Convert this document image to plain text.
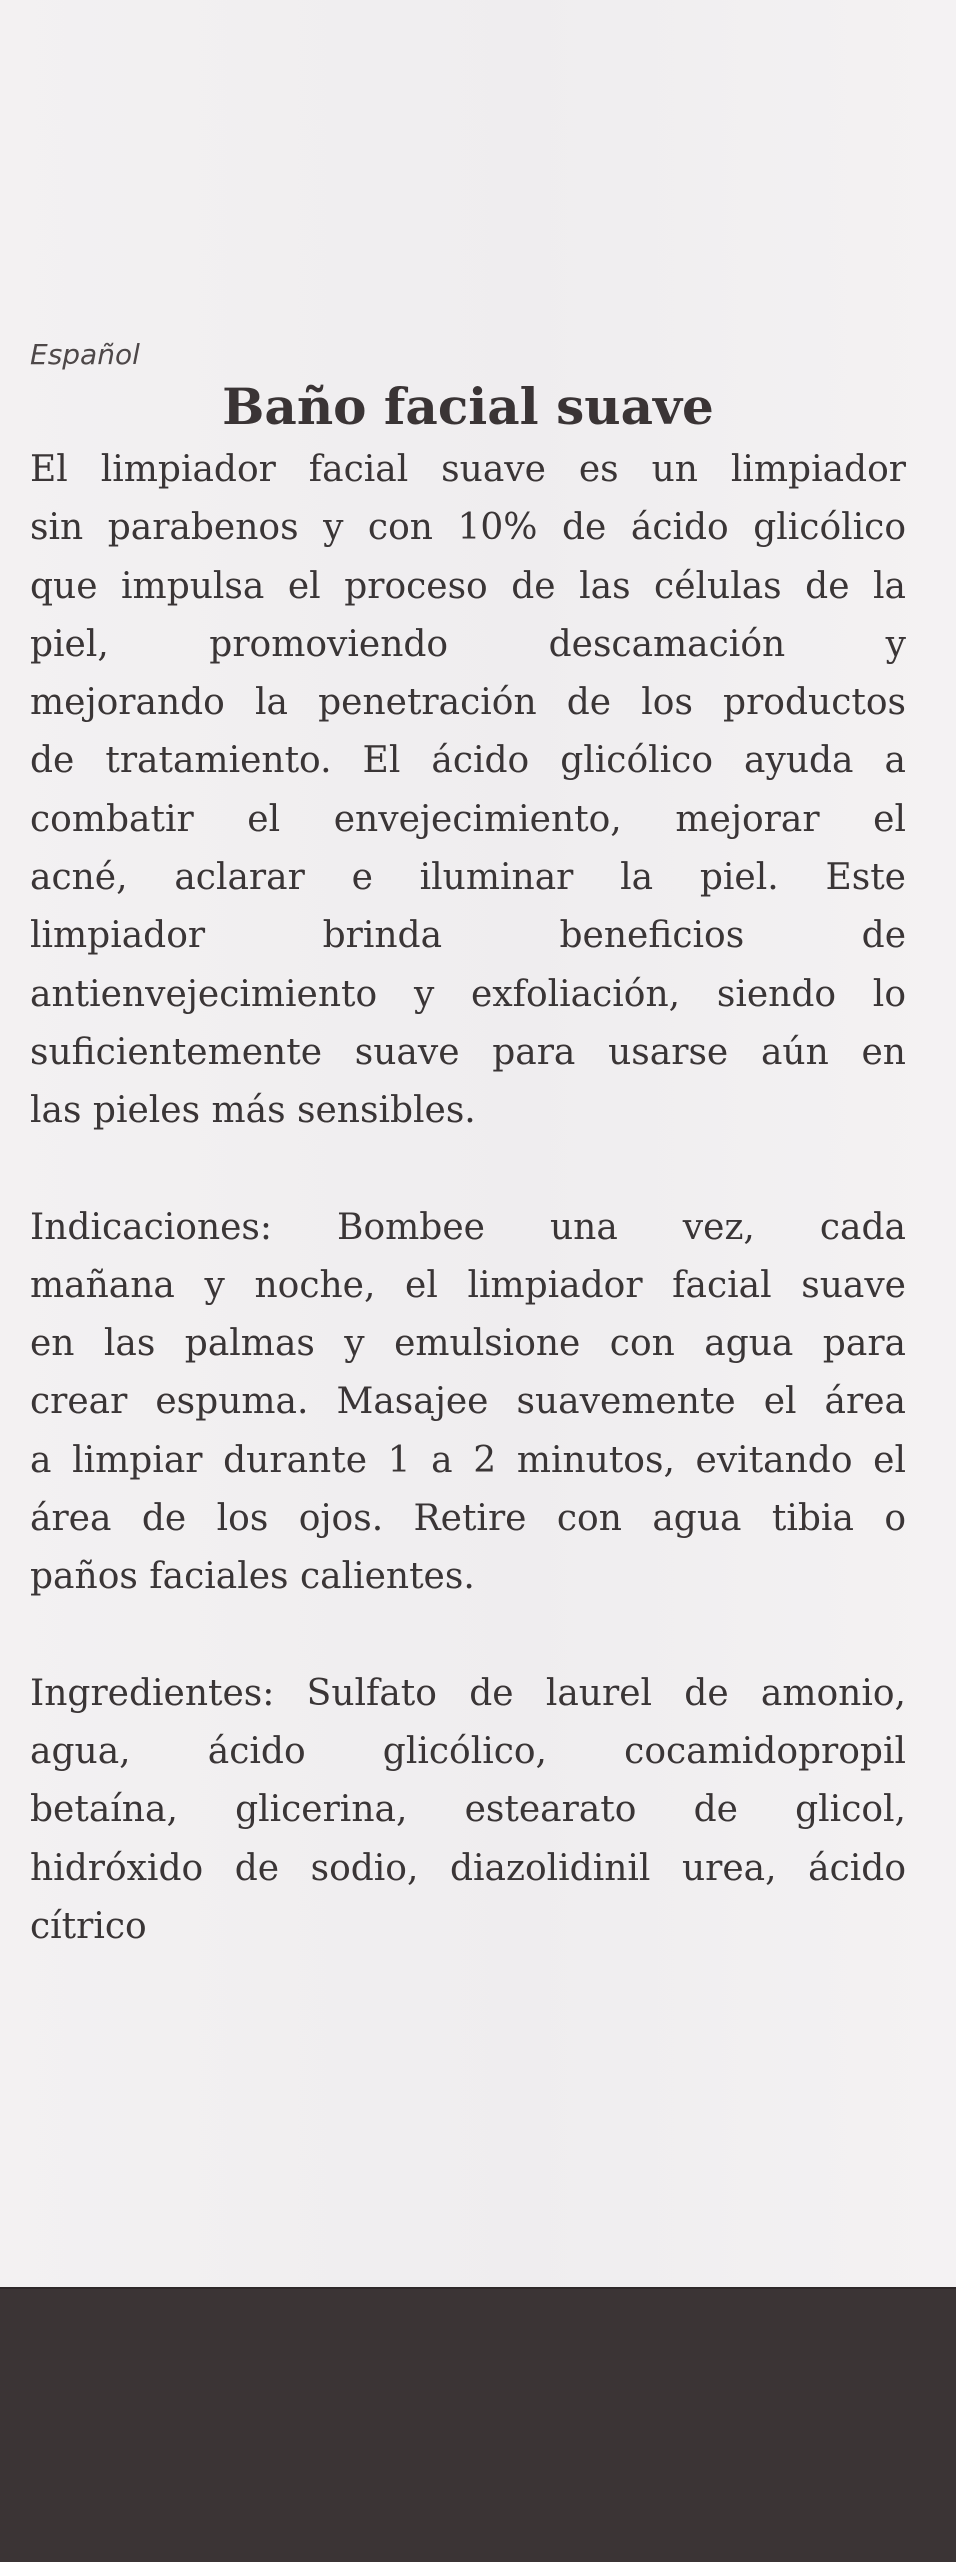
Español

Baño facial suave
El limpiador facial suave es un limpiador
sin parabenos y con 10% de ácido glicólico
que impulsa el proceso de las células de la
piel, promoviendo descamación y
mejorando la penetración de los productos
de tratamiento. El ácido glicólico ayuda a
combatir el envejecimiento, mejorar el
acné, aclarar e iluminar la piel. Este
limpiador brinda beneficios de
antienvejecimiento y exfoliación, siendo lo
suficientemente suave para usarse aún en
las pieles más sensibles.
Indicaciones: Bombee una vez, cada
mañana y noche, el limpiador facial suave
en las palmas y emulsione con agua para
crear espuma. Masajee suavemente el área
a limpiar durante 1 a 2 minutos, evitando el
área de los ojos. Retire con agua tibia o
paños faciales calientes.
Ingredientes: Sulfato de laurel de amonio,
agua, ácido glicólico, cocamidopropil
betaína, glicerina, estearato de glicol,
hidróxido de sodio, diazolidinil urea, ácido
cítrico
